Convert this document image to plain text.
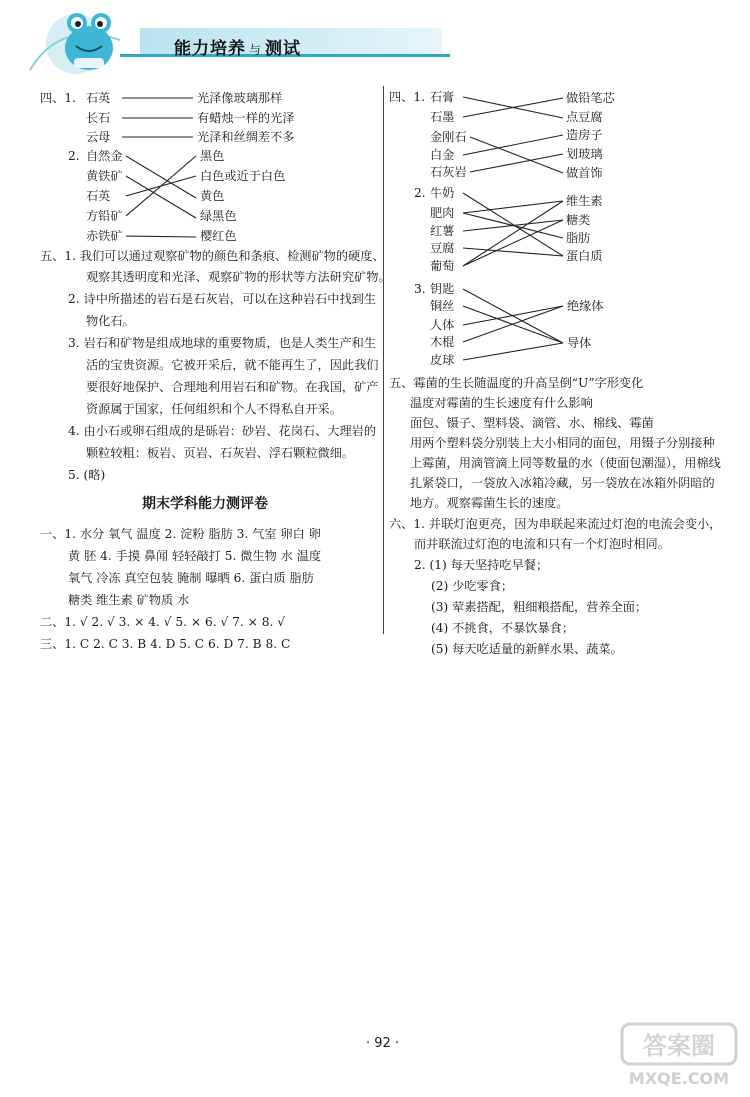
能力培养 与 测试
四、1. 石英
长石
云母
光泽像玻璃那样
有蜡烛一样的光泽
光泽和丝绸差不多
2. 自然金
黄铁矿
石英
方铅矿
赤铁矿
黑色
白色或近于白色
黄色
绿黑色
樱红色
五、1. 我们可以通过观察矿物的颜色和条痕、检测矿物的硬度、
观察其透明度和光泽、观察矿物的形状等方法研究矿物。
2. 诗中所描述的岩石是石灰岩，可以在这种岩石中找到生
物化石。
3. 岩石和矿物是组成地球的重要物质，也是人类生产和生
活的宝贵资源。它被开采后，就不能再生了，因此我们
要很好地保护、合理地利用岩石和矿物。在我国，矿产
资源属于国家，任何组织和个人不得私自开采。
4. 由小石或卵石组成的是砾岩：砂岩、花岗石、大理岩的
颗粒较粗：板岩、页岩、石灰岩、浮石颗粒微细。
5. (略)
期末学科能力测评卷
一、1. 水分 氧气 温度 2. 淀粉 脂肪 3. 气室 卵白 卵
黄 胚 4. 手摸 鼻闻 轻轻敲打 5. 微生物 水 温度
氧气 冷冻 真空包装 腌制 曝晒 6. 蛋白质 脂肪
糖类 维生素 矿物质 水
二、1. √ 2. √ 3. × 4. √ 5. × 6. √ 7. × 8. √
三、1. C 2. C 3. B 4. D 5. C 6. D 7. B 8. C
四、1. 石膏
石墨
金刚石
白金
石灰岩
做铅笔芯
点豆腐
造房子
划玻璃
做首饰
2. 牛奶
肥肉
红薯
豆腐
葡萄
维生素
糖类
脂肪
蛋白质
3. 钥匙
铜丝
人体
木棍
皮球
绝缘体
导体
五、霉菌的生长随温度的升高呈倒“U”字形变化
温度对霉菌的生长速度有什么影响
面包、镊子、塑料袋、滴管、水、棉线、霉菌
用两个塑料袋分别装上大小相同的面包，用镊子分别接种
上霉菌，用滴管滴上同等数量的水（使面包潮湿），用棉线
扎紧袋口，一袋放入冰箱冷藏，另一袋放在冰箱外阴暗的
地方。观察霉菌生长的速度。
六、1. 并联灯泡更亮，因为串联起来流过灯泡的电流会变小，
而并联流过灯泡的电流和只有一个灯泡时相同。
2. (1) 每天坚持吃早餐；
(2) 少吃零食；
(3) 荤素搭配，粗细粮搭配，营养全面；
(4) 不挑食，不暴饮暴食；
(5) 每天吃适量的新鲜水果、蔬菜。
· 92 ·	答案圈
MXQE.COM
